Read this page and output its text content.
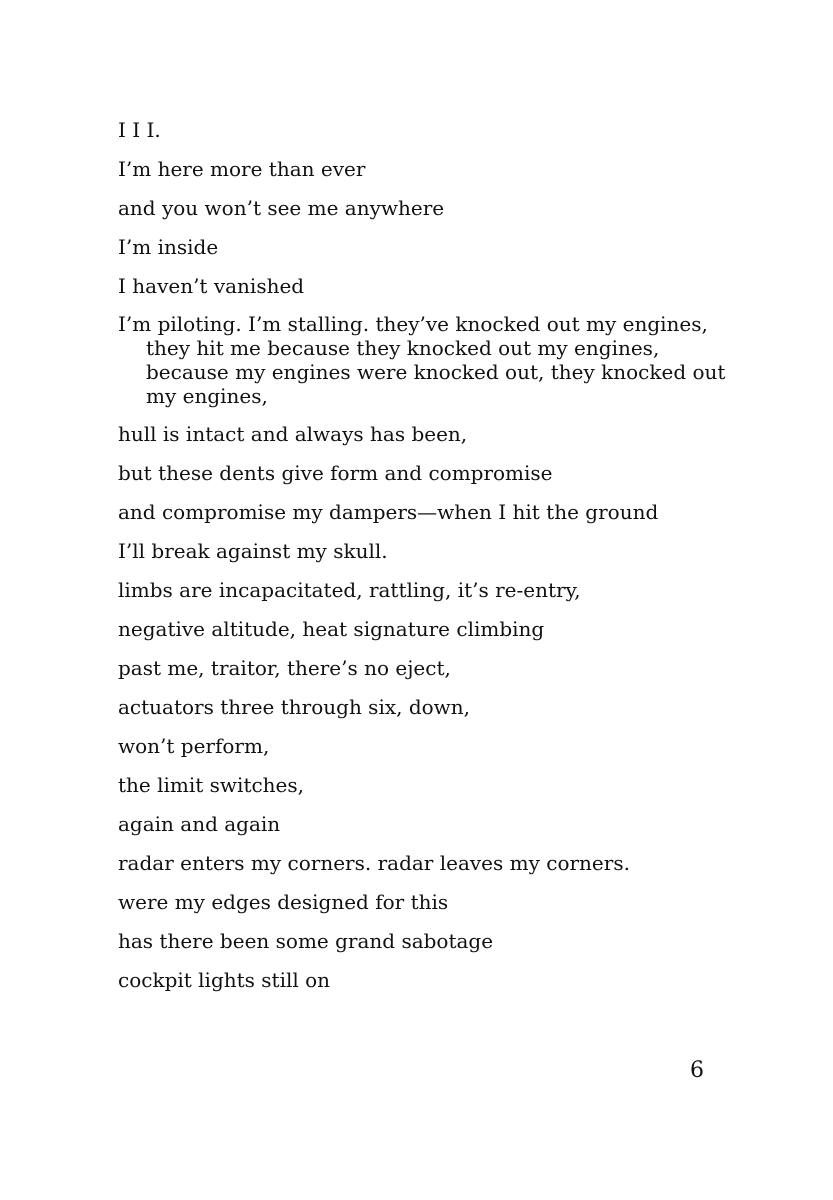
I I I.
I’m here more than ever
and you won’t see me anywhere
I’m inside
I haven’t vanished
I’m piloting. I’m stalling. they’ve knocked out my engines,
they hit me because they knocked out my engines,
because my engines were knocked out, they knocked out
my engines,
hull is intact and always has been,
but these dents give form and compromise
and compromise my dampers—when I hit the ground
I’ll break against my skull.
limbs are incapacitated, rattling, it’s re-entry,
negative altitude, heat signature climbing
past me, traitor, there’s no eject,
actuators three through six, down,
won’t perform,
the limit switches,
again and again
radar enters my corners. radar leaves my corners.
were my edges designed for this
has there been some grand sabotage
cockpit lights still on
6
